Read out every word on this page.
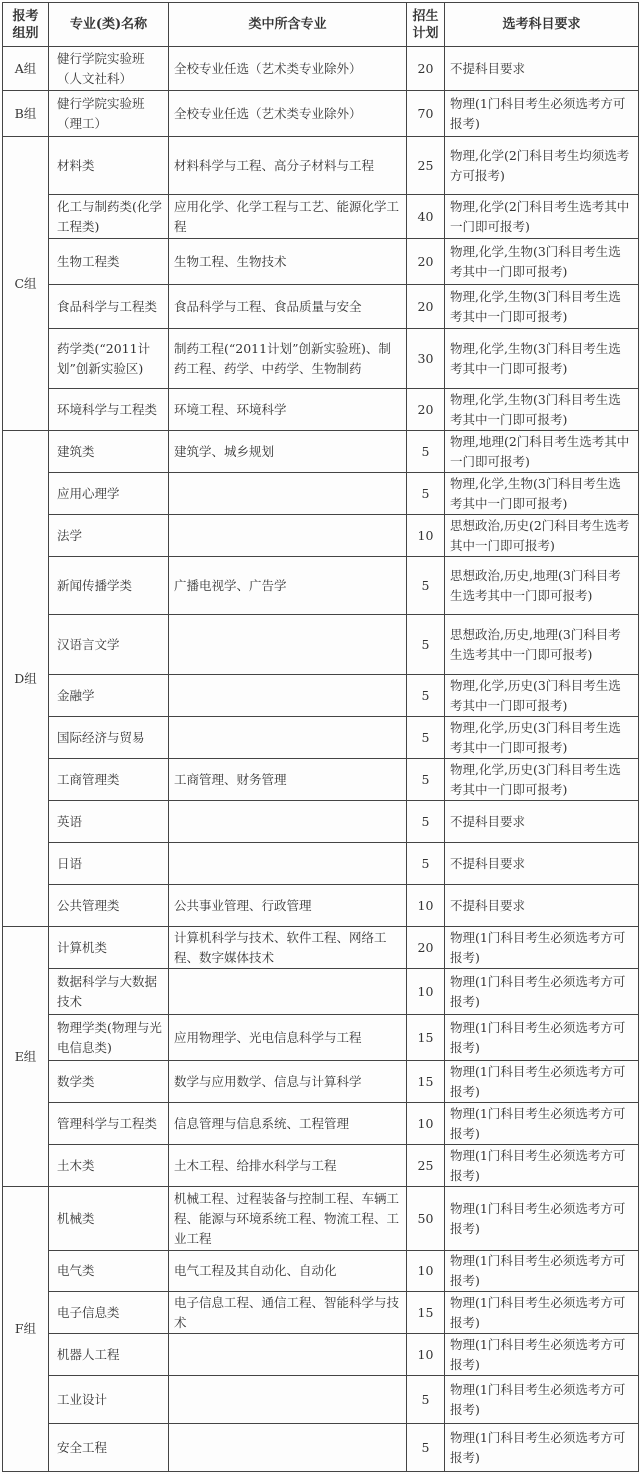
报考组别	专业(类)名称	类中所含专业	招生计划	选考科目要求
A组	健行学院实验班（人文社科）	全校专业任选（艺术类专业除外）	20	不提科目要求
B组	健行学院实验班（理工）	全校专业任选（艺术类专业除外）	70	物理(1门科目考生必须选考方可报考)
C组	材料类	材料科学与工程、高分子材料与工程	25	物理,化学(2门科目考生均须选考方可报考)
	化工与制药类(化学工程类)	应用化学、化学工程与工艺、能源化学工程	40	物理,化学(2门科目考生选考其中一门即可报考)
	生物工程类	生物工程、生物技术	20	物理,化学,生物(3门科目考生选考其中一门即可报考)
	食品科学与工程类	食品科学与工程、食品质量与安全	20	物理,化学,生物(3门科目考生选考其中一门即可报考)
	药学类(“2011计划”创新实验区)	制药工程(“2011计划”创新实验班)、制药工程、药学、中药学、生物制药	30	物理,化学,生物(3门科目考生选考其中一门即可报考)
	环境科学与工程类	环境工程、环境科学	20	物理,化学,生物(3门科目考生选考其中一门即可报考)
D组	建筑类	建筑学、城乡规划	5	物理,地理(2门科目考生选考其中一门即可报考)
	应用心理学		5	物理,化学,生物(3门科目考生选考其中一门即可报考)
	法学		10	思想政治,历史(2门科目考生选考其中一门即可报考)
	新闻传播学类	广播电视学、广告学	5	思想政治,历史,地理(3门科目考生选考其中一门即可报考)
	汉语言文学		5	思想政治,历史,地理(3门科目考生选考其中一门即可报考)
	金融学		5	物理,化学,历史(3门科目考生选考其中一门即可报考)
	国际经济与贸易		5	物理,化学,历史(3门科目考生选考其中一门即可报考)
	工商管理类	工商管理、财务管理	5	物理,化学,历史(3门科目考生选考其中一门即可报考)
	英语		5	不提科目要求
	日语		5	不提科目要求
	公共管理类	公共事业管理、行政管理	10	不提科目要求
E组	计算机类	计算机科学与技术、软件工程、网络工程、数字媒体技术	20	物理(1门科目考生必须选考方可报考)
	数据科学与大数据技术		10	物理(1门科目考生必须选考方可报考)
	物理学类(物理与光电信息类)	应用物理学、光电信息科学与工程	15	物理(1门科目考生必须选考方可报考)
	数学类	数学与应用数学、信息与计算科学	15	物理(1门科目考生必须选考方可报考)
	管理科学与工程类	信息管理与信息系统、工程管理	10	物理(1门科目考生必须选考方可报考)
	土木类	土木工程、给排水科学与工程	25	物理(1门科目考生必须选考方可报考)
F组	机械类	机械工程、过程装备与控制工程、车辆工程、能源与环境系统工程、物流工程、工业工程	50	物理(1门科目考生必须选考方可报考)
	电气类	电气工程及其自动化、自动化	10	物理(1门科目考生必须选考方可报考)
	电子信息类	电子信息工程、通信工程、智能科学与技术	15	物理(1门科目考生必须选考方可报考)
	机器人工程		10	物理(1门科目考生必须选考方可报考)
	工业设计		5	物理(1门科目考生必须选考方可报考)
	安全工程		5	物理(1门科目考生必须选考方可报考)
